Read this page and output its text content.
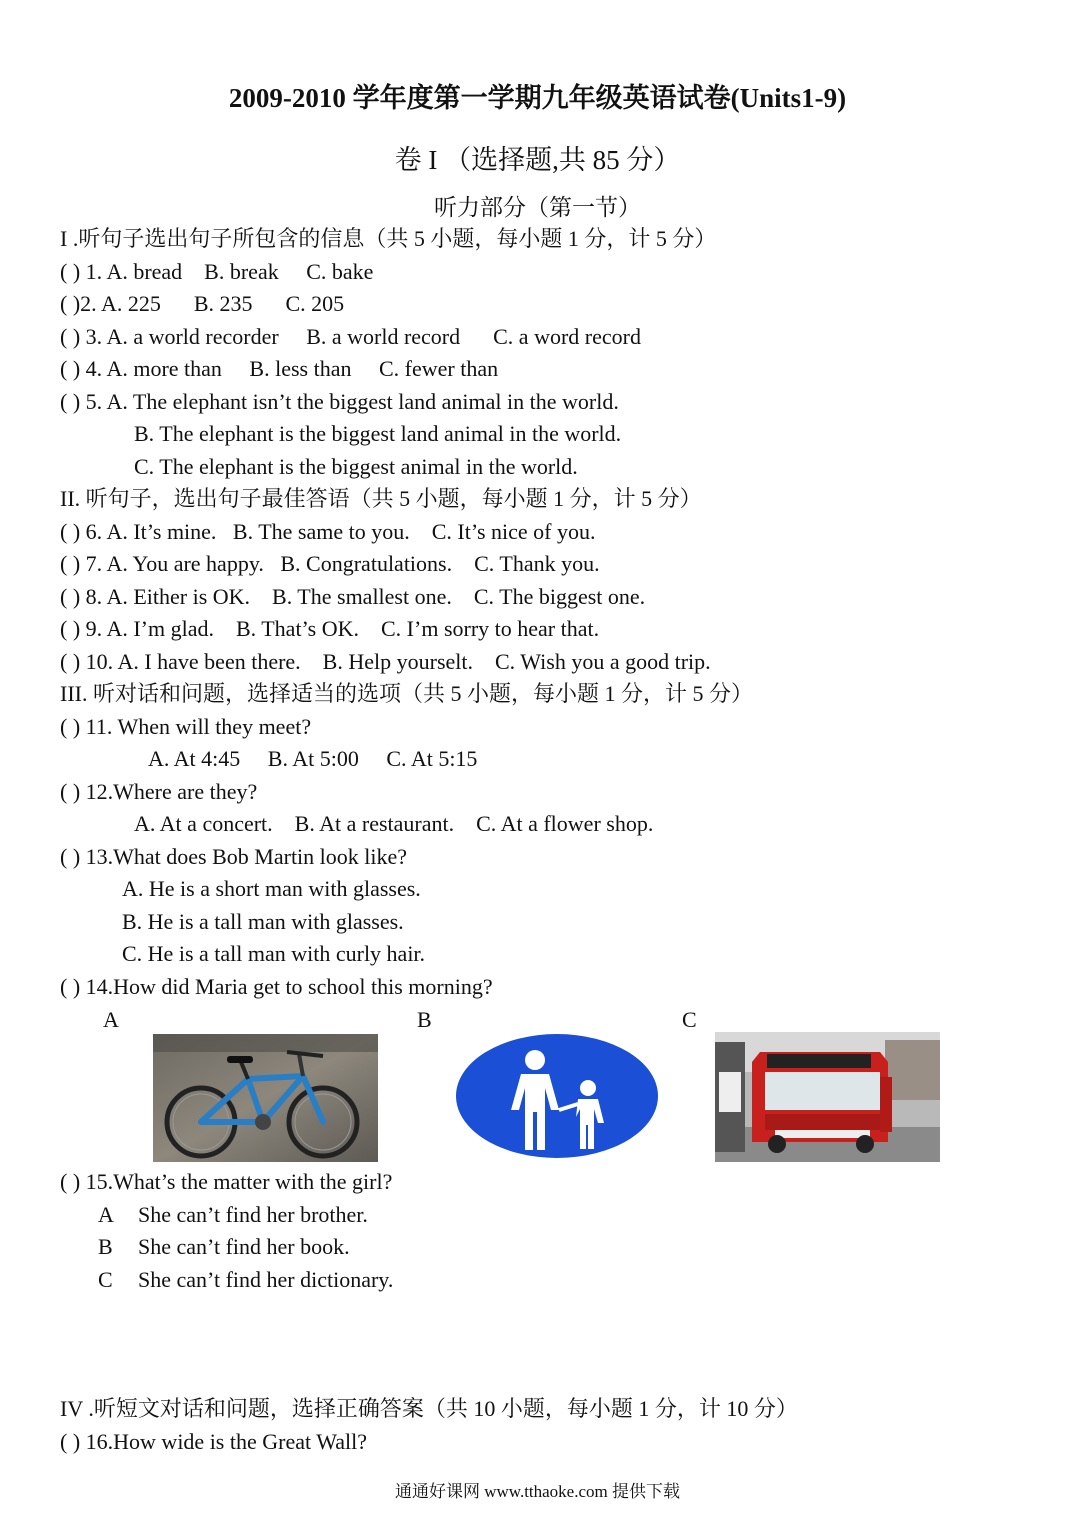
2009-2010 学年度第一学期九年级英语试卷(Units1-9)
卷 I （选择题,共 85 分）
听力部分（第一节）
I .听句子选出句子所包含的信息（共 5 小题，每小题 1 分，计 5 分）
( ) 1. A. bread    B. break     C. bake
( )2. A. 225      B. 235      C. 205
( ) 3. A. a world recorder     B. a world record      C. a word record
( ) 4. A. more than     B. less than     C. fewer than
( ) 5. A. The elephant isn’t the biggest land animal in the world.
B. The elephant is the biggest land animal in the world.
C. The elephant is the biggest animal in the world.
II. 听句子，选出句子最佳答语（共 5 小题，每小题 1 分，计 5 分）
( ) 6. A. It’s mine.   B. The same to you.    C. It’s nice of you.
( ) 7. A. You are happy.   B. Congratulations.    C. Thank you.
( ) 8. A. Either is OK.    B. The smallest one.    C. The biggest one.
( ) 9. A. I’m glad.    B. That’s OK.    C. I’m sorry to hear that.
( ) 10. A. I have been there.    B. Help yourselt.    C. Wish you a good trip.
III. 听对话和问题，选择适当的选项（共 5 小题，每小题 1 分，计 5 分）
( ) 11. When will they meet?
A. At 4:45     B. At 5:00     C. At 5:15
( ) 12.Where are they?
A. At a concert.    B. At a restaurant.    C. At a flower shop.
( ) 13.What does Bob Martin look like?
A. He is a short man with glasses.
B. He is a tall man with glasses.
C. He is a tall man with curly hair.
( ) 14.How did Maria get to school this morning?
A	B	C
( ) 15.What’s the matter with the girl?
A She can’t find her brother.
B She can’t find her book.
C She can’t find her dictionary.
IV .听短文对话和问题，选择正确答案（共 10 小题，每小题 1 分，计 10 分）
( ) 16.How wide is the Great Wall?
通通好课网 www.tthaoke.com 提供下载
